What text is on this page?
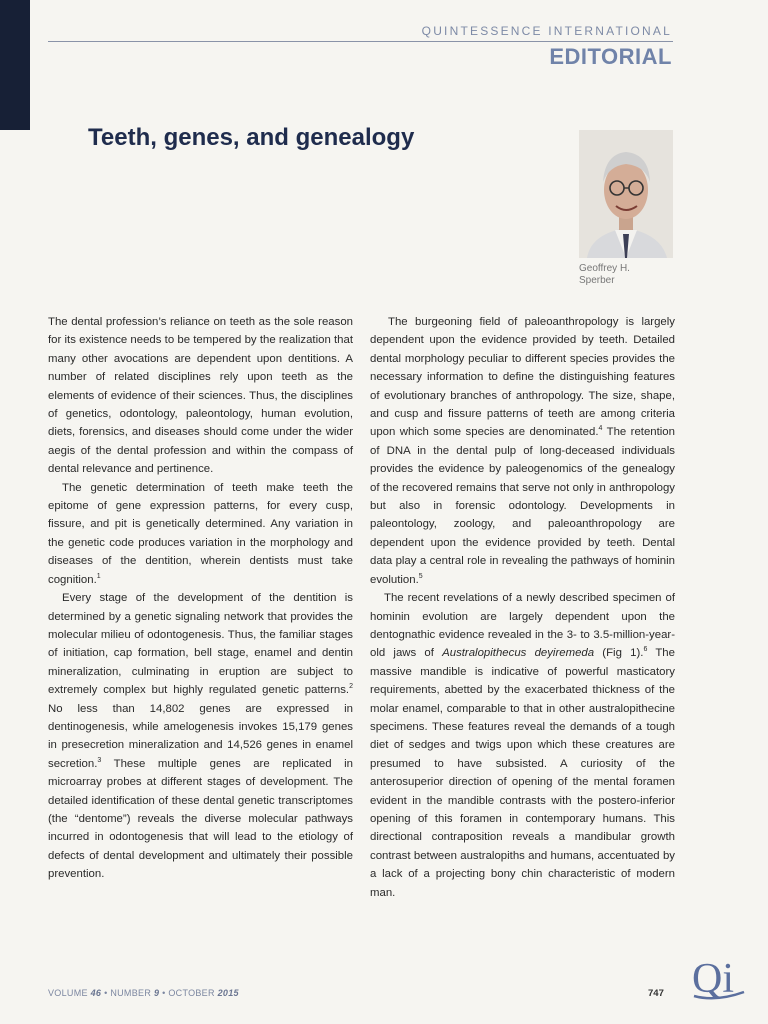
QUINTESSENCE INTERNATIONAL
EDITORIAL
Teeth, genes, and genealogy
Geoffrey H.
Sperber

The dental profession’s reliance on teeth as the sole reason for its existence needs to be tempered by the realization that many other avocations are dependent upon dentitions. A number of related disciplines rely upon teeth as the elements of evidence of their sciences. Thus, the disciplines of genetics, odontology, paleontology, human evolution, diets, forensics, and diseases should come under the wider aegis of the dental profession and within the compass of dental relevance and pertinence.

The genetic determination of teeth make teeth the epitome of gene expression patterns, for every cusp, fissure, and pit is genetically determined. Any variation in the genetic code produces variation in the morphology and diseases of the dentition, wherein dentists must take cognition.$^1$

Every stage of the development of the dentition is determined by a genetic signaling network that provides the molecular milieu of odontogenesis. Thus, the familiar stages of initiation, cap formation, bell stage, enamel and dentin mineralization, culminating in eruption are subject to extremely complex but highly regulated genetic patterns.$^2$ No less than 14,802 genes are expressed in dentinogenesis, while amelogenesis invokes 15,179 genes in presecretion mineralization and 14,526 genes in enamel secretion.$^3$ These multiple genes are replicated in microarray probes at different stages of development. The detailed identification of these dental genetic transcriptomes (the “dentome”) reveals the diverse molecular pathways incurred in odontogenesis that will lead to the etiology of defects of dental development and ultimately their possible prevention.

The burgeoning field of paleoanthropology is largely dependent upon the evidence provided by teeth. Detailed dental morphology peculiar to different species provides the necessary information to define the distinguishing features of evolutionary branches of anthropology. The size, shape, and cusp and fissure patterns of teeth are among criteria upon which some species are denominated.$^4$ The retention of DNA in the dental pulp of long-deceased individuals provides the evidence by paleogenomics of the genealogy of the recovered remains that serve not only in anthropology but also in forensic odontology. Developments in paleontology, zoology, and paleoanthropology are dependent upon the evidence provided by teeth. Dental data play a central role in revealing the pathways of hominin evolution.$^5$

The recent revelations of a newly described specimen of hominin evolution are largely dependent upon the dentognathic evidence revealed in the 3- to 3.5-million-year-old jaws of Australopithecus deyiremeda (Fig 1).$^6$ The massive mandible is indicative of powerful masticatory requirements, abetted by the exacerbated thickness of the molar enamel, comparable to that in other australopithecine specimens. These features reveal the demands of a tough diet of sedges and twigs upon which these creatures are presumed to have subsisted. A curiosity of the anterosuperior direction of opening of the mental foramen evident in the mandible contrasts with the postero-inferior opening of this foramen in contemporary humans. This directional contraposition reveals a mandibular growth contrast between australopiths and humans, accentuated by a lack of a projecting bony chin characteristic of modern man.

VOLUME 46 • NUMBER 9 • OCTOBER 2015	747 Qi
